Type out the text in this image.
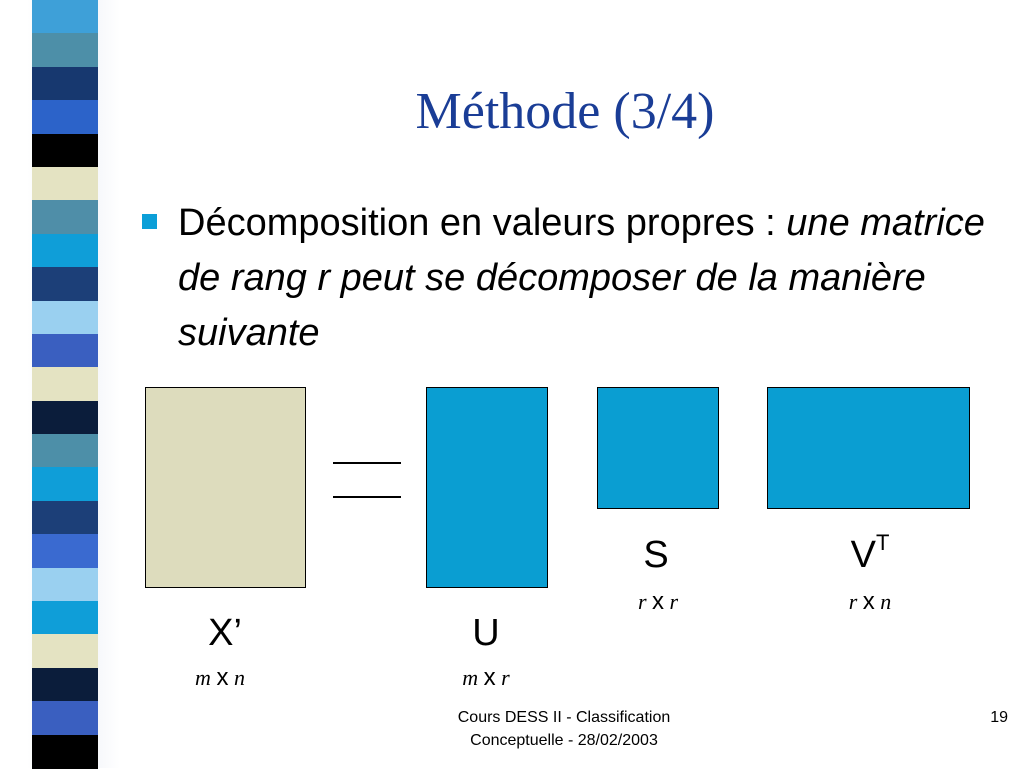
Méthode (3/4)
Décomposition en valeurs propres : une matrice de rang r peut se décomposer de la manière suivante
X’
m x n
U
m x r
S
r x r
$V^T$
r x n
Cours DESS II - Classification
Conceptuelle - 28/02/2003
19
